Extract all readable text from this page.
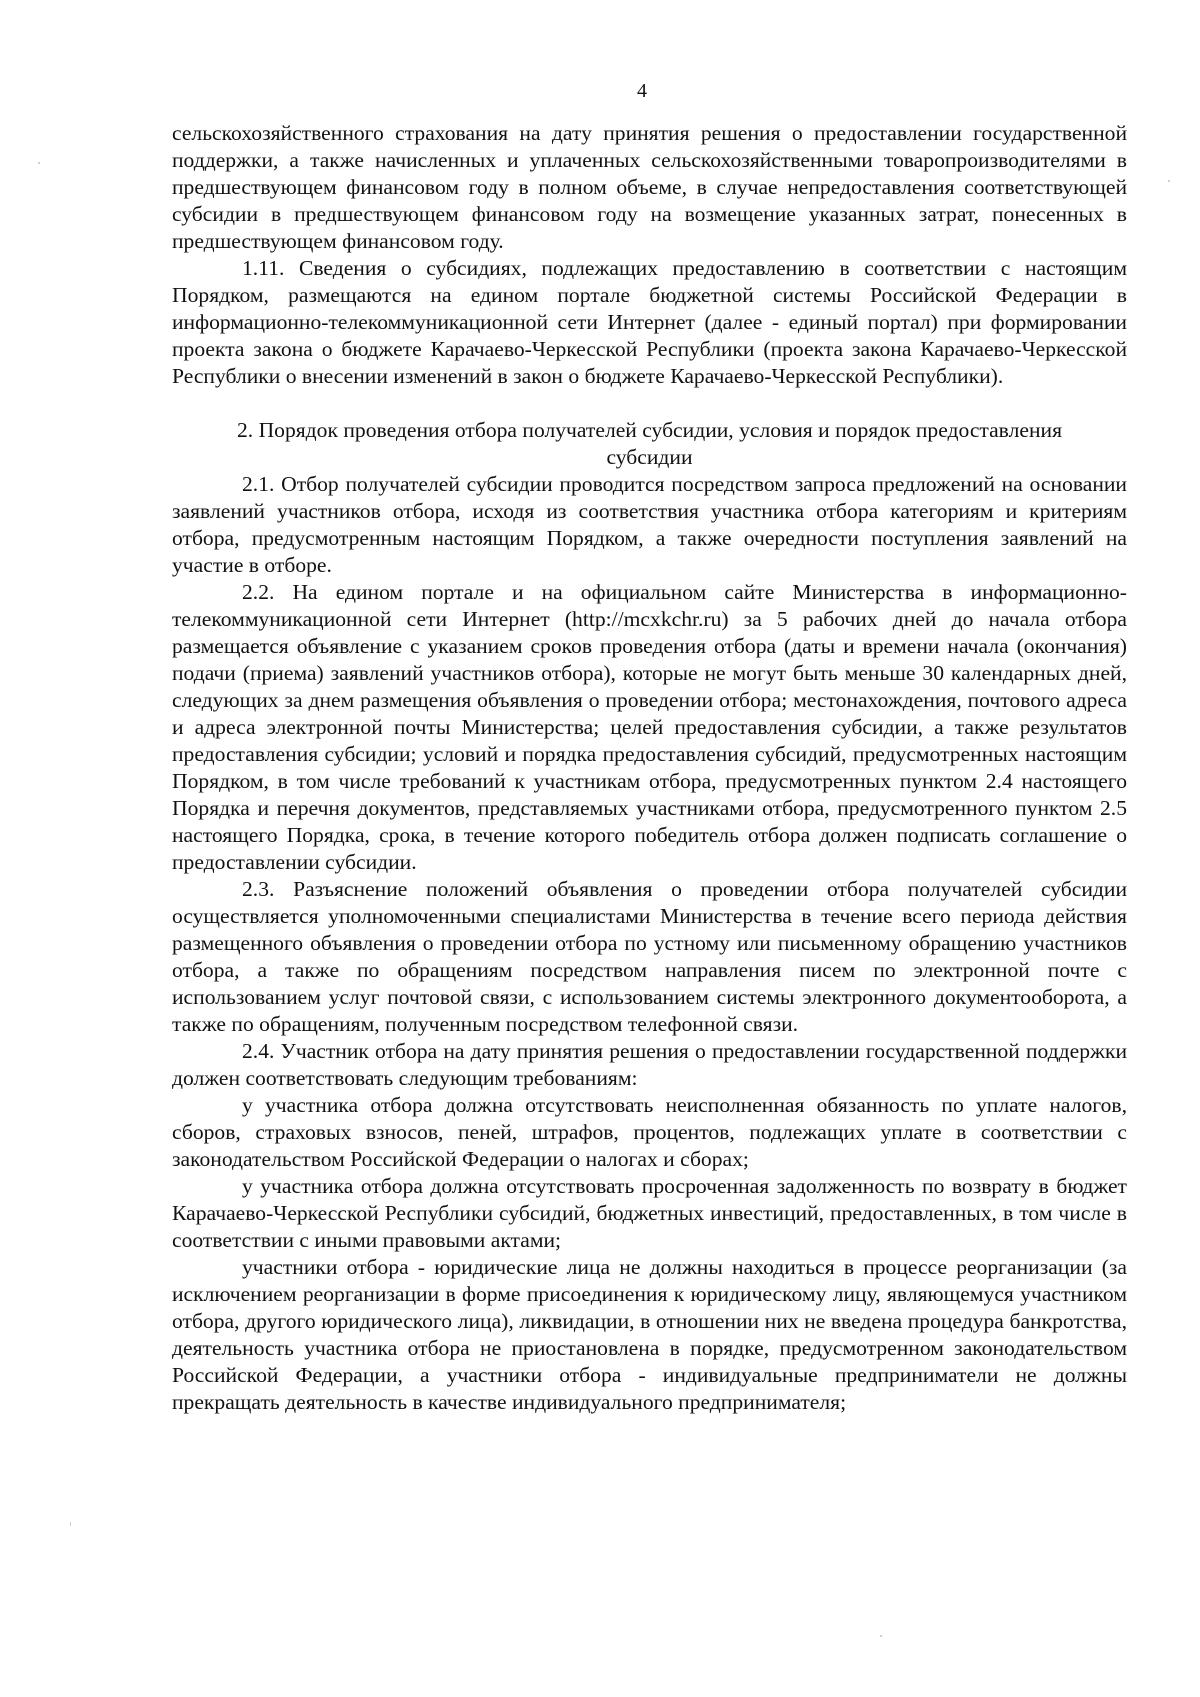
4

сельскохозяйственного страхования на дату принятия решения о предоставлении государственной поддержки, а также начисленных и уплаченных сельскохозяйственными товаропроизводителями в предшествующем финансовом году в полном объеме, в случае непредоставления соответствующей субсидии в предшествующем финансовом году на возмещение указанных затрат, понесенных в предшествующем финансовом году.

1.11. Сведения о субсидиях, подлежащих предоставлению в соответствии с настоящим Порядком, размещаются на едином портале бюджетной системы Российской Федерации в информационно-телекоммуникационной сети Интернет (далее - единый портал) при формировании проекта закона о бюджете Карачаево-Черкесской Республики (проекта закона Карачаево-Черкесской Республики о внесении изменений в закон о бюджете Карачаево-Черкесской Республики).

2. Порядок проведения отбора получателей субсидии, условия и порядок предоставления субсидии

2.1. Отбор получателей субсидии проводится посредством запроса предложений на основании заявлений участников отбора, исходя из соответствия участника отбора категориям и критериям отбора, предусмотренным настоящим Порядком, а также очередности поступления заявлений на участие в отборе.

2.2. На едином портале и на официальном сайте Министерства в информационно-телекоммуникационной сети Интернет (http://mcxkchr.ru) за 5 рабочих дней до начала отбора размещается объявление с указанием сроков проведения отбора (даты и времени начала (окончания) подачи (приема) заявлений участников отбора), которые не могут быть меньше 30 календарных дней, следующих за днем размещения объявления о проведении отбора; местонахождения, почтового адреса и адреса электронной почты Министерства; целей предоставления субсидии, а также результатов предоставления субсидии; условий и порядка предоставления субсидий, предусмотренных настоящим Порядком, в том числе требований к участникам отбора, предусмотренных пунктом 2.4 настоящего Порядка и перечня документов, представляемых участниками отбора, предусмотренного пунктом 2.5 настоящего Порядка, срока, в течение которого победитель отбора должен подписать соглашение о предоставлении субсидии.

2.3. Разъяснение положений объявления о проведении отбора получателей субсидии осуществляется уполномоченными специалистами Министерства в течение всего периода действия размещенного объявления о проведении отбора по устному или письменному обращению участников отбора, а также по обращениям посредством направления писем по электронной почте с использованием услуг почтовой связи, с использованием системы электронного документооборота, а также по обращениям, полученным посредством телефонной связи.

2.4. Участник отбора на дату принятия решения о предоставлении государственной поддержки должен соответствовать следующим требованиям:

у участника отбора должна отсутствовать неисполненная обязанность по уплате налогов, сборов, страховых взносов, пеней, штрафов, процентов, подлежащих уплате в соответствии с законодательством Российской Федерации о налогах и сборах;

у участника отбора должна отсутствовать просроченная задолженность по возврату в бюджет Карачаево-Черкесской Республики субсидий, бюджетных инвестиций, предоставленных, в том числе в соответствии с иными правовыми актами;

участники отбора - юридические лица не должны находиться в процессе реорганизации (за исключением реорганизации в форме присоединения к юридическому лицу, являющемуся участником отбора, другого юридического лица), ликвидации, в отношении них не введена процедура банкротства, деятельность участника отбора не приостановлена в порядке, предусмотренном законодательством Российской Федерации, а участники отбора - индивидуальные предприниматели не должны прекращать деятельность в качестве индивидуального предпринимателя;
